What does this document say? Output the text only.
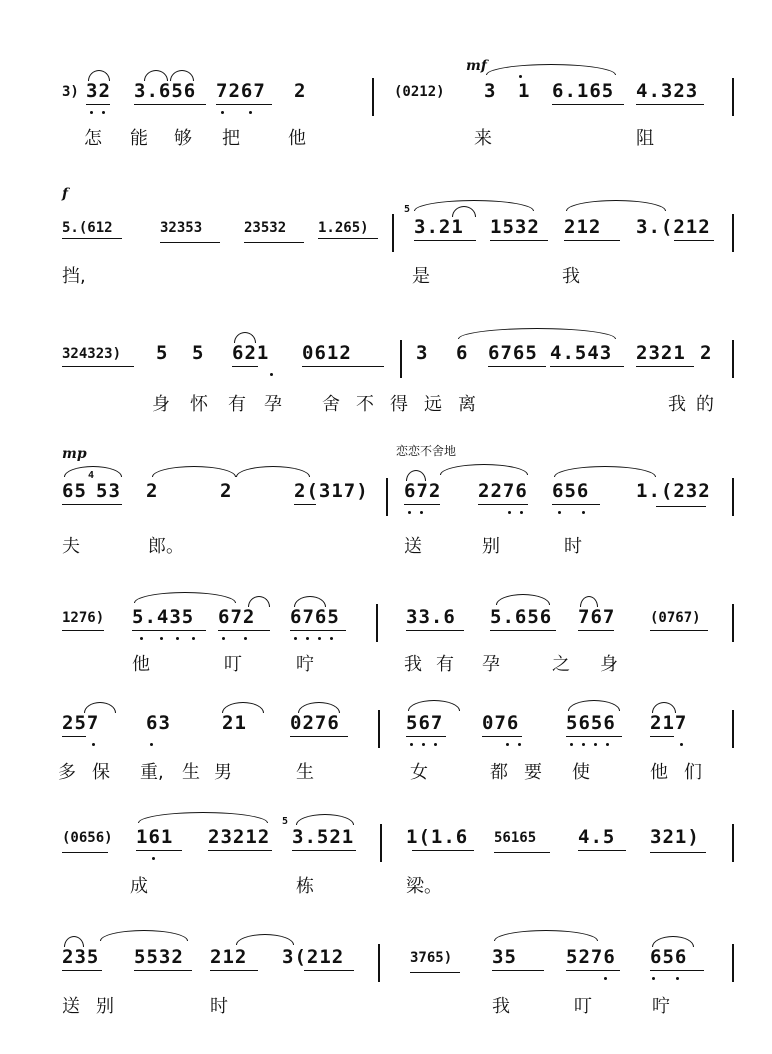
mf
3) 32 3.656 7267 2	(0212) 3 1 6.165 4.323
怎 能 够 把	他	来	阻
f
5.(612	32353	23532 1.265)
5
3.21 1532 212 3.(212
挡,	是	我
324323) 5 5 621 0612	3 6 6765 4.543 2321 2
身 怀 有 孕 舍 不 得 远 离	我 的
mp	恋恋不舍地
65
4
53 2	2	2(317) 672 2276 656 1.(232
夫	郎。	送	别	时
1276) 5.435 672 6765	33.6 5.656 767 (0767)
他	叮	咛	我 有 孕	之 身
257 63	21 0276	567 076 5656 217
多 保 重, 生 男	生	女	都 要 使	他 们
(0656) 161 23212
5
3.521	1(1.6 56165 4.5 321)
成	栋	梁。
235 5532 212 3(212	3765) 35	5276 656
送 别	时	我	叮	咛
